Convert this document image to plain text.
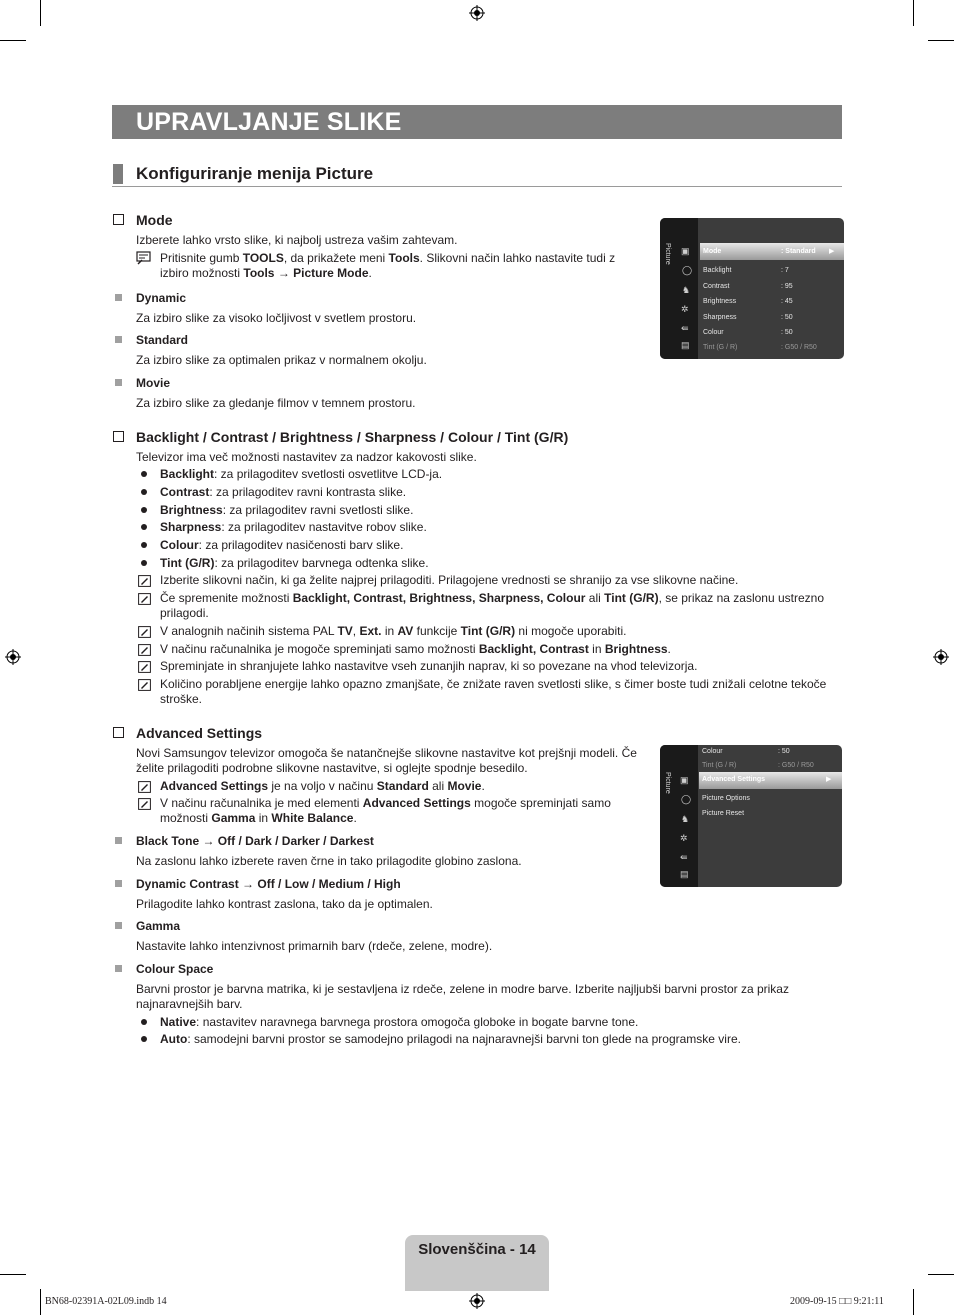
UPRAVLJANJE SLIKE
Konfiguriranje menija Picture
Mode
Izberete lahko vrsto slike, ki najbolj ustreza vašim zahtevam.
Pritisnite gumb TOOLS, da prikažete meni Tools. Slikovni način lahko nastavite tudi z izbiro možnosti Tools → Picture Mode.
Dynamic
Za izbiro slike za visoko ločljivost v svetlem prostoru.
Standard
Za izbiro slike za optimalen prikaz v normalnem okolju.
Movie
Za izbiro slike za gledanje filmov v temnem prostoru.
Picture ▣
◯
♞
✲
⇚
▤
Mode	: Standard ▶
Backlight	: 7
Contrast	: 95
Brightness	: 45
Sharpness	: 50
Colour	: 50
Tint (G / R)	: G50 / R50
Backlight / Contrast / Brightness / Sharpness / Colour / Tint (G/R)
Televizor ima več možnosti nastavitev za nadzor kakovosti slike.
Backlight: za prilagoditev svetlosti osvetlitve LCD-ja.
Contrast: za prilagoditev ravni kontrasta slike.
Brightness: za prilagoditev ravni svetlosti slike.
Sharpness: za prilagoditev nastavitve robov slike.
Colour: za prilagoditev nasičenosti barv slike.
Tint (G/R): za prilagoditev barvnega odtenka slike.
Izberite slikovni način, ki ga želite najprej prilagoditi. Prilagojene vrednosti se shranijo za vse slikovne načine.
Če spremenite možnosti Backlight, Contrast, Brightness, Sharpness, Colour ali Tint (G/R), se prikaz na zaslonu ustrezno prilagodi.
V analognih načinih sistema PAL TV, Ext. in AV funkcije Tint (G/R) ni mogoče uporabiti.
V načinu računalnika je mogoče spreminjati samo možnosti Backlight, Contrast in Brightness.
Spreminjate in shranjujete lahko nastavitve vseh zunanjih naprav, ki so povezane na vhod televizorja.
Količino porabljene energije lahko opazno zmanjšate, če znižate raven svetlosti slike, s čimer boste tudi znižali celotne tekoče stroške.
Advanced Settings
Novi Samsungov televizor omogoča še natančnejše slikovne nastavitve kot prejšnji modeli. Če želite prilagoditi podrobne slikovne nastavitve, si oglejte spodnje besedilo.
Advanced Settings je na voljo v načinu Standard ali Movie.
V načinu računalnika je med elementi Advanced Settings mogoče spreminjati samo možnosti Gamma in White Balance.
Black Tone → Off / Dark / Darker / Darkest
Na zaslonu lahko izberete raven črne in tako prilagodite globino zaslona.
Dynamic Contrast → Off / Low / Medium / High
Prilagodite lahko kontrast zaslona, tako da je optimalen.
Gamma
Nastavite lahko intenzivnost primarnih barv (rdeče, zelene, modre).
Colour Space
Barvni prostor je barvna matrika, ki je sestavljena iz rdeče, zelene in modre barve. Izberite najljubši barvni prostor za prikaz najnaravnejših barv.
Native: nastavitev naravnega barvnega prostora omogoča globoke in bogate barvne tone.
Auto: samodejni barvni prostor se samodejno prilagodi na najnaravnejši barvni ton glede na programske vire.
Picture ▣
◯
♞
✲
⇚
▤
Colour	: 50
Tint (G / R)	: G50 / R50
Advanced Settings	▶
Picture Options
Picture Reset
Slovenščina - 14
BN68-02391A-02L09.indb 14	2009-09-15 □□ 9:21:11
